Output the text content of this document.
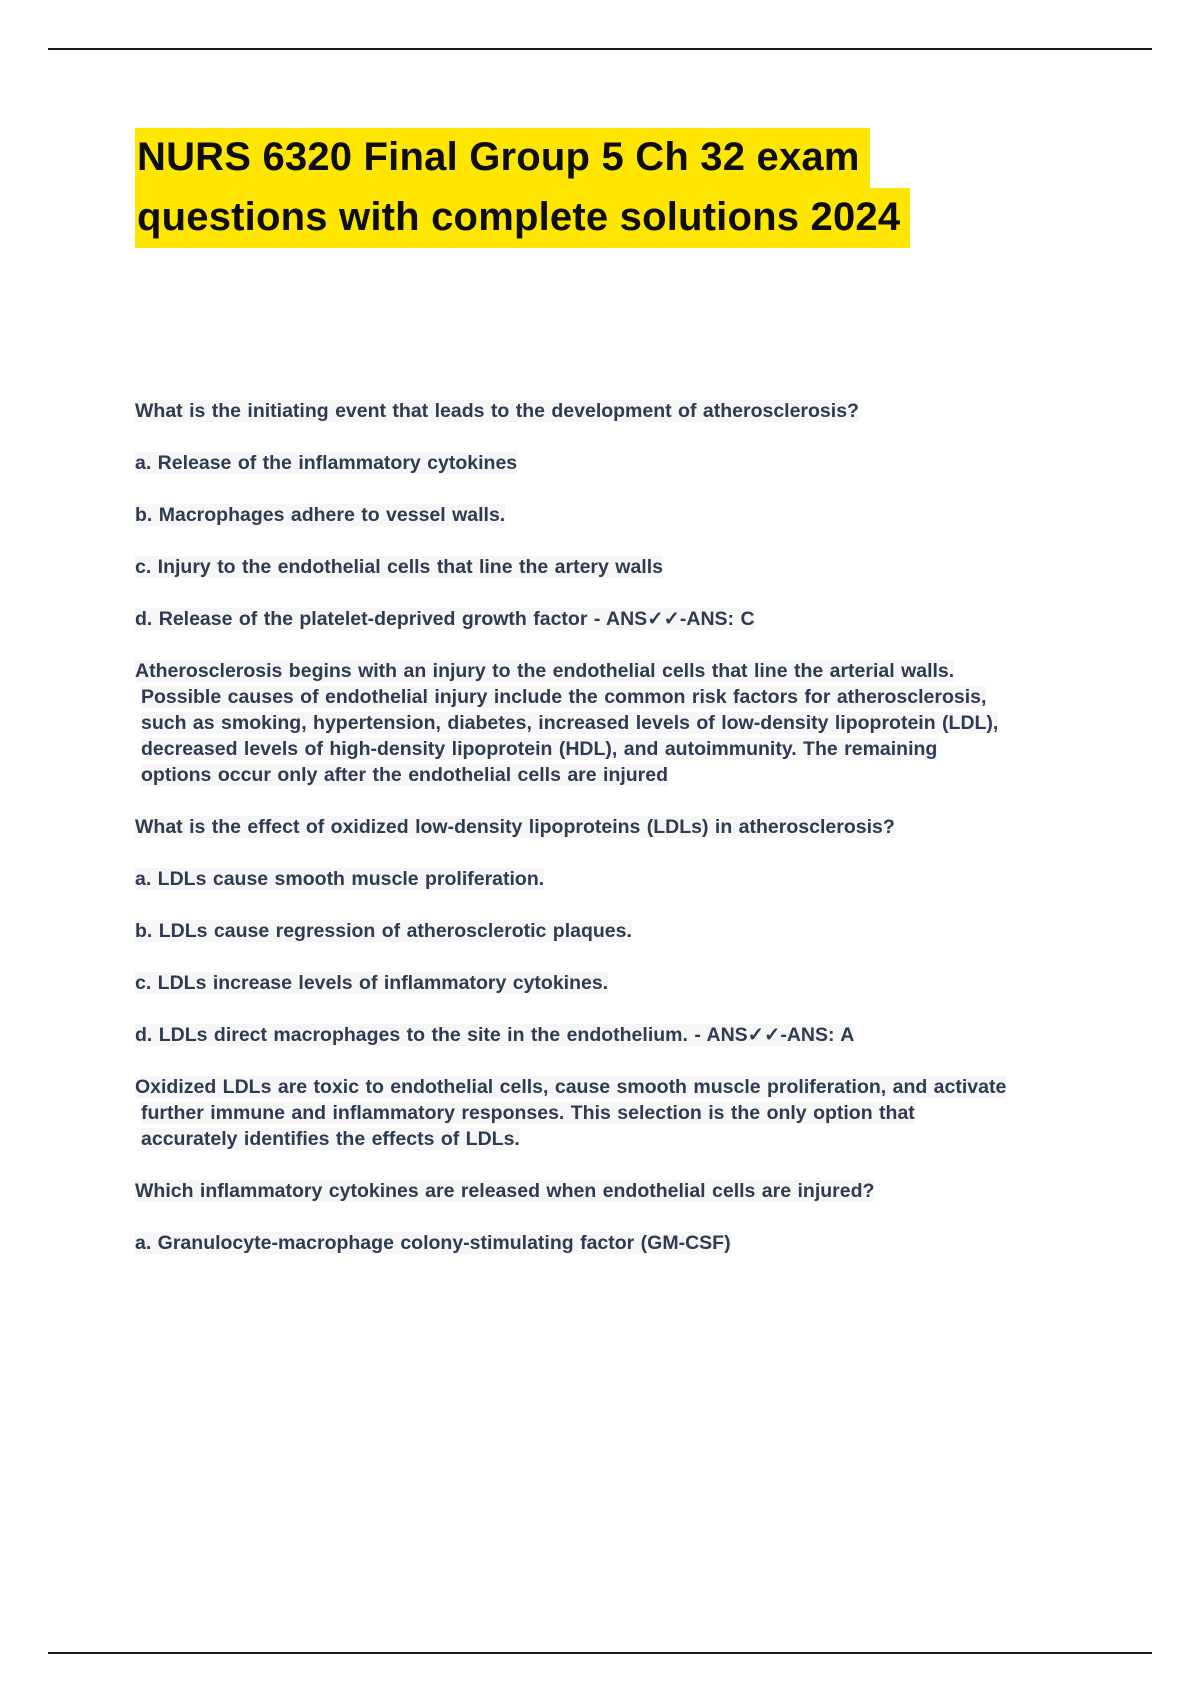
NURS 6320 Final Group 5 Ch 32 exam
questions with complete solutions 2024

What is the initiating event that leads to the development of atherosclerosis?

a. Release of the inflammatory cytokines

b. Macrophages adhere to vessel walls.

c. Injury to the endothelial cells that line the artery walls

d. Release of the platelet-deprived growth factor - ANS✓✓-ANS: C

Atherosclerosis begins with an injury to the endothelial cells that line the arterial walls. Possible causes of endothelial injury include the common risk factors for atherosclerosis, such as smoking, hypertension, diabetes, increased levels of low-density lipoprotein (LDL), decreased levels of high-density lipoprotein (HDL), and autoimmunity. The remaining options occur only after the endothelial cells are injured

What is the effect of oxidized low-density lipoproteins (LDLs) in atherosclerosis?

a. LDLs cause smooth muscle proliferation.

b. LDLs cause regression of atherosclerotic plaques.

c. LDLs increase levels of inflammatory cytokines.

d. LDLs direct macrophages to the site in the endothelium. - ANS✓✓-ANS: A

Oxidized LDLs are toxic to endothelial cells, cause smooth muscle proliferation, and activate further immune and inflammatory responses. This selection is the only option that accurately identifies the effects of LDLs.

Which inflammatory cytokines are released when endothelial cells are injured?

a. Granulocyte-macrophage colony-stimulating factor (GM-CSF)
